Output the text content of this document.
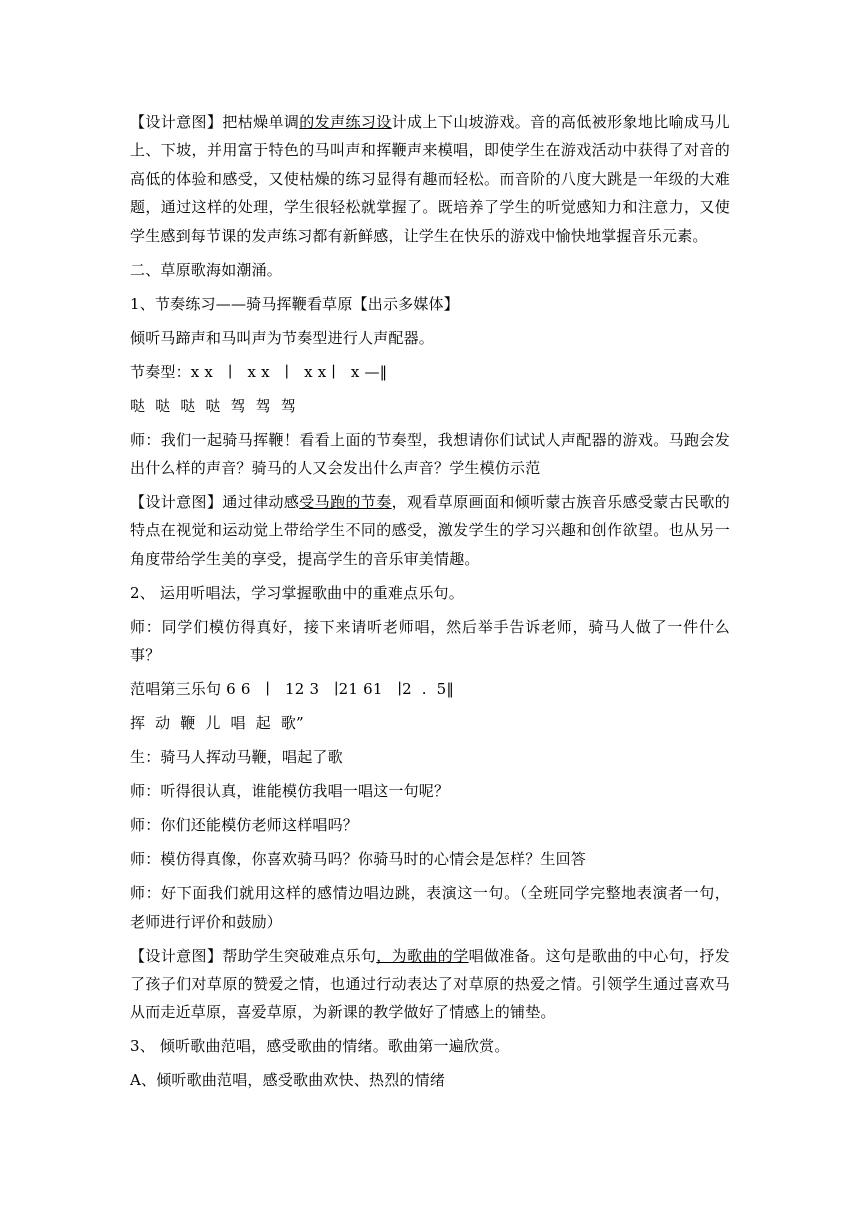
【设计意图】把枯燥单调的发声练习设计成上下山坡游戏。音的高低被形象地比喻成马儿上、下坡，并用富于特色的马叫声和挥鞭声来模唱，即使学生在游戏活动中获得了对音的高低的体验和感受，又使枯燥的练习显得有趣而轻松。而音阶的八度大跳是一年级的大难题，通过这样的处理，学生很轻松就掌握了。既培养了学生的听觉感知力和注意力，又使学生感到每节课的发声练习都有新鲜感，让学生在快乐的游戏中愉快地掌握音乐元素。

二、草原歌海如潮涌。

1、节奏练习——骑马挥鞭看草原【出示多媒体】

倾听马蹄声和马叫声为节奏型进行人声配器。

节奏型：x x   ∣   x x   ∣   x x ∣   x —‖

哒  哒  哒  哒  驾  驾  驾

师：我们一起骑马挥鞭！看看上面的节奏型，我想请你们试试人声配器的游戏。马跑会发出什么样的声音？骑马的人又会发出什么声音？学生模仿示范

【设计意图】通过律动感受马跑的节奏，观看草原画面和倾听蒙古族音乐感受蒙古民歌的特点在视觉和运动觉上带给学生不同的感受，激发学生的学习兴趣和创作欲望。也从另一角度带给学生美的享受，提高学生的音乐审美情趣。

2、 运用听唱法，学习掌握歌曲中的重难点乐句。

师：同学们模仿得真好，接下来请听老师唱，然后举手告诉老师，骑马人做了一件什么事？

范唱第三乐句 6 6   ∣   12 3   ∣21 61   ∣2  .  5‖

挥  动  鞭  儿  唱  起  歌”

生：骑马人挥动马鞭，唱起了歌

师：听得很认真，谁能模仿我唱一唱这一句呢？

师：你们还能模仿老师这样唱吗？

师：模仿得真像，你喜欢骑马吗？你骑马时的心情会是怎样？生回答

师：好下面我们就用这样的感情边唱边跳，表演这一句。（全班同学完整地表演者一句，老师进行评价和鼓励）

【设计意图】帮助学生突破难点乐句，为歌曲的学唱做准备。这句是歌曲的中心句，抒发了孩子们对草原的赞爱之情，也通过行动表达了对草原的热爱之情。引领学生通过喜欢马从而走近草原，喜爱草原，为新课的教学做好了情感上的铺垫。

3、 倾听歌曲范唱，感受歌曲的情绪。歌曲第一遍欣赏。

A、倾听歌曲范唱，感受歌曲欢快、热烈的情绪
